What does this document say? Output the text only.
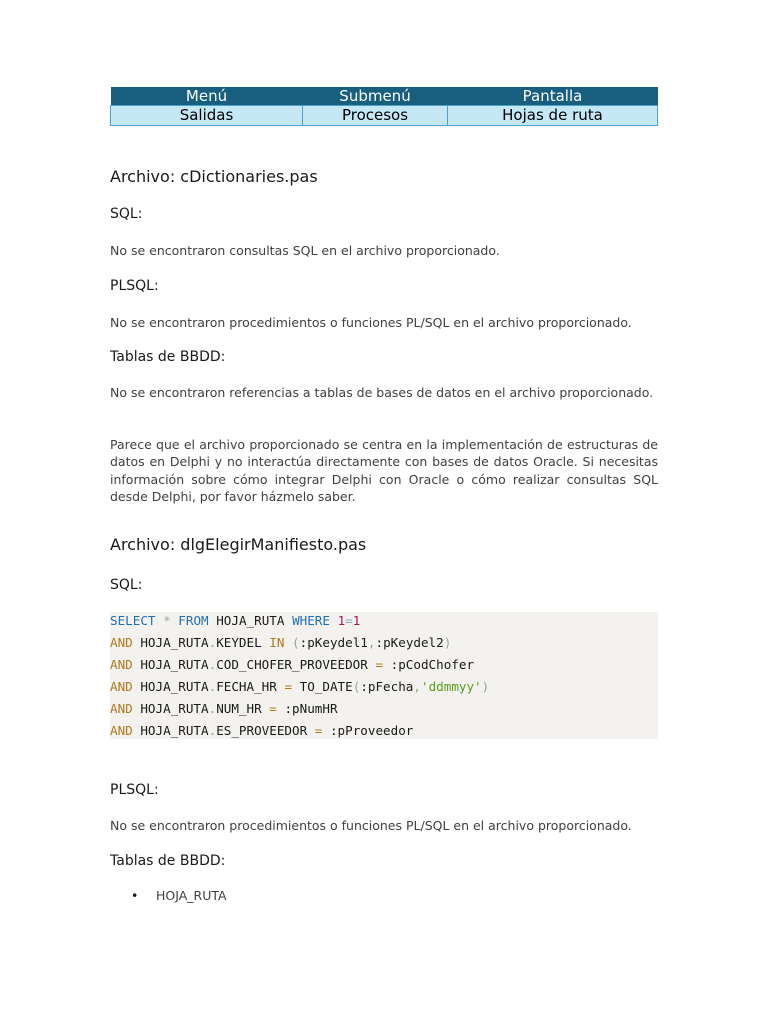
Menú	Submenú	Pantalla
Salidas	Procesos	Hojas de ruta
Archivo: cDictionaries.pas
SQL:

No se encontraron consultas SQL en el archivo proporcionado.

PLSQL:

No se encontraron procedimientos o funciones PL/SQL en el archivo proporcionado.

Tablas de BBDD:

No se encontraron referencias a tablas de bases de datos en el archivo proporcionado.

Parece que el archivo proporcionado se centra en la implementación de estructuras de datos en Delphi y no interactúa directamente con bases de datos Oracle. Si necesitas información sobre cómo integrar Delphi con Oracle o cómo realizar consultas SQL desde Delphi, por favor házmelo saber.

Archivo: dlgElegirManifiesto.pas
SQL:
SELECT * FROM HOJA_RUTA WHERE 1=1
AND HOJA_RUTA.KEYDEL IN (:pKeydel1,:pKeydel2)
AND HOJA_RUTA.COD_CHOFER_PROVEEDOR = :pCodChofer
AND HOJA_RUTA.FECHA_HR = TO_DATE(:pFecha,'ddmmyy')
AND HOJA_RUTA.NUM_HR = :pNumHR
AND HOJA_RUTA.ES_PROVEEDOR = :pProveedor
PLSQL:

No se encontraron procedimientos o funciones PL/SQL en el archivo proporcionado.

Tablas de BBDD:
• HOJA_RUTA
